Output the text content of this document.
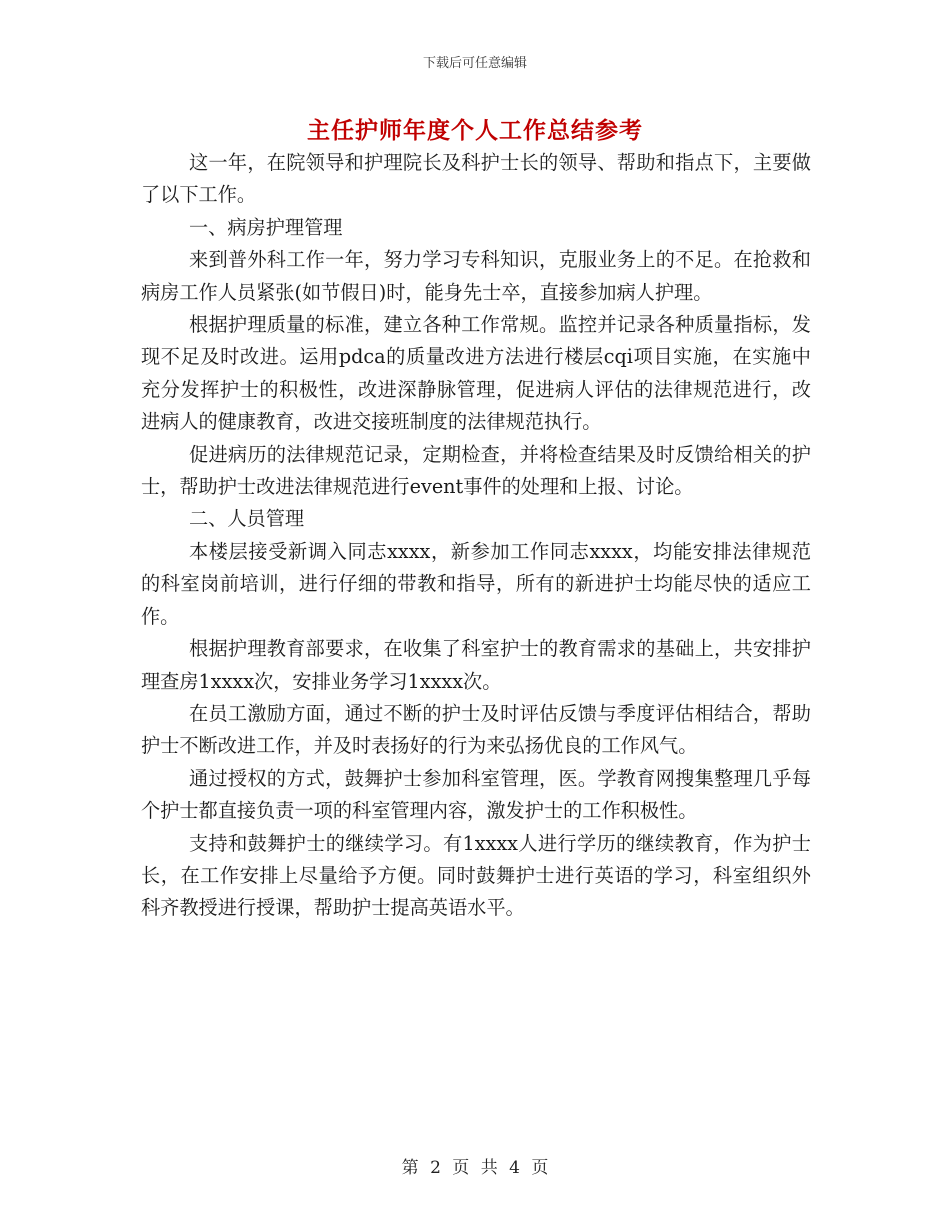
下载后可任意编辑
主任护师年度个人工作总结参考

这一年，在院领导和护理院长及科护士长的领导、帮助和指点下，主要做了以下工作。

一、病房护理管理

来到普外科工作一年，努力学习专科知识，克服业务上的不足。在抢救和病房工作人员紧张(如节假日)时，能身先士卒，直接参加病人护理。

根据护理质量的标准，建立各种工作常规。监控并记录各种质量指标，发现不足及时改进。运用pdca的质量改进方法进行楼层cqi项目实施，在实施中充分发挥护士的积极性，改进深静脉管理，促进病人评估的法律规范进行，改进病人的健康教育，改进交接班制度的法律规范执行。

促进病历的法律规范记录，定期检查，并将检查结果及时反馈给相关的护士，帮助护士改进法律规范进行event事件的处理和上报、讨论。

二、人员管理

本楼层接受新调入同志xxxx，新参加工作同志xxxx，均能安排法律规范的科室岗前培训，进行仔细的带教和指导，所有的新进护士均能尽快的适应工作。

根据护理教育部要求，在收集了科室护士的教育需求的基础上，共安排护理查房1xxxx次，安排业务学习1xxxx次。

在员工激励方面，通过不断的护士及时评估反馈与季度评估相结合，帮助护士不断改进工作，并及时表扬好的行为来弘扬优良的工作风气。

通过授权的方式，鼓舞护士参加科室管理，医。学教育网搜集整理几乎每个护士都直接负责一项的科室管理内容，激发护士的工作积极性。

支持和鼓舞护士的继续学习。有1xxxx人进行学历的继续教育，作为护士长，在工作安排上尽量给予方便。同时鼓舞护士进行英语的学习，科室组织外科齐教授进行授课，帮助护士提高英语水平。

第 2 页 共 4 页
